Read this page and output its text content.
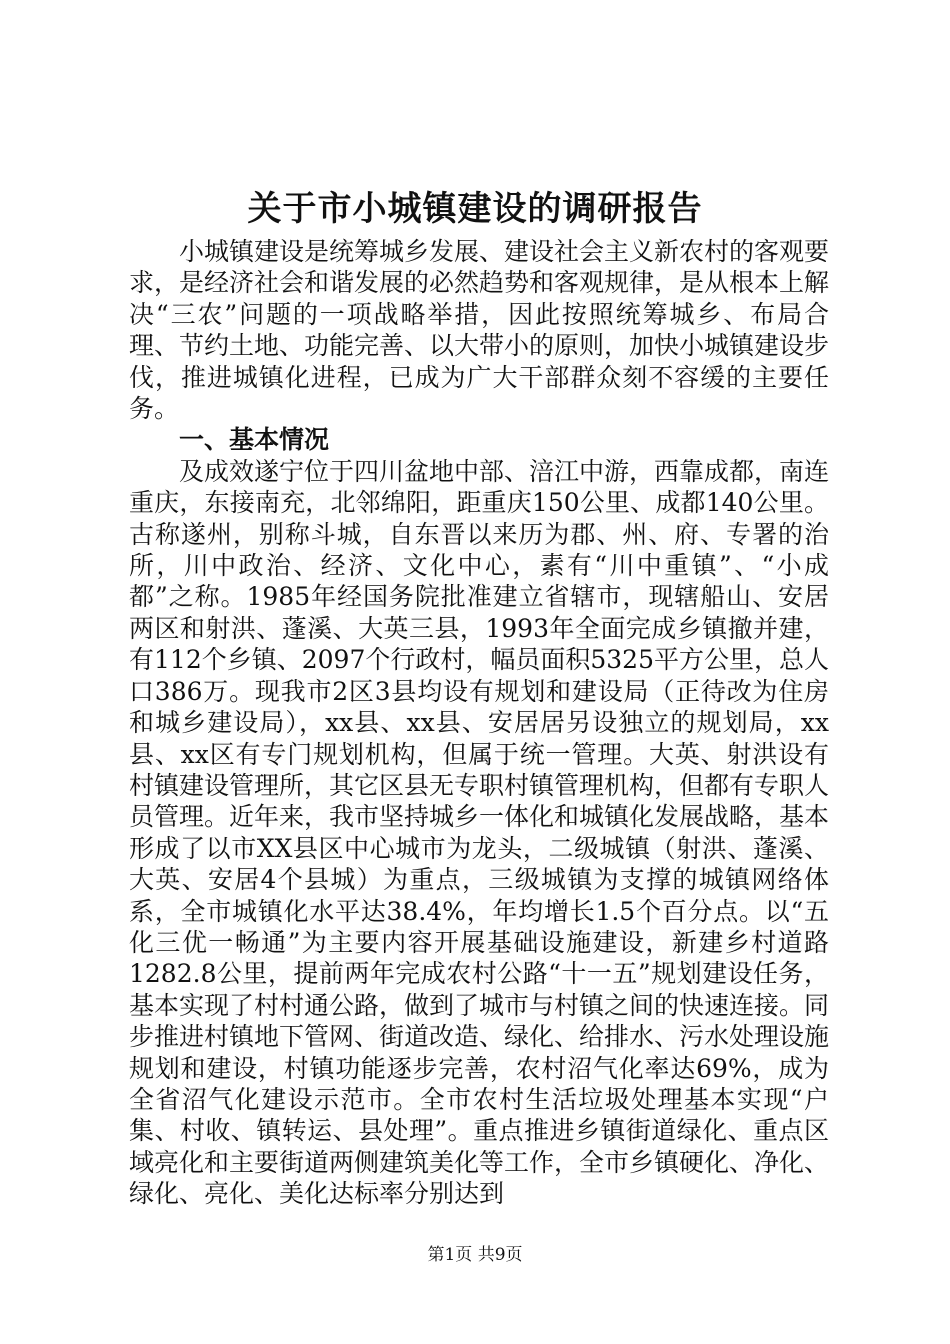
关于市小城镇建设的调研报告

小城镇建设是统筹城乡发展、建设社会主义新农村的客观要求，是经济社会和谐发展的必然趋势和客观规律，是从根本上解决“三农”问题的一项战略举措，因此按照统筹城乡、布局合理、节约土地、功能完善、以大带小的原则，加快小城镇建设步伐，推进城镇化进程，已成为广大干部群众刻不容缓的主要任务。

一、基本情况

及成效遂宁位于四川盆地中部、涪江中游，西靠成都，南连重庆，东接南充，北邻绵阳，距重庆150公里、成都140公里。古称遂州，别称斗城，自东晋以来历为郡、州、府、专署的治所，川中政治、经济、文化中心，素有“川中重镇”、“小成都”之称。1985年经国务院批准建立省辖市，现辖船山、安居两区和射洪、蓬溪、大英三县，1993年全面完成乡镇撤并建，有112个乡镇、2097个行政村，幅员面积5325平方公里，总人口386万。现我市2区3县均设有规划和建设局（正待改为住房和城乡建设局），xx县、xx县、安居居另设独立的规划局，xx县、xx区有专门规划机构，但属于统一管理。大英、射洪设有村镇建设管理所，其它区县无专职村镇管理机构，但都有专职人员管理。近年来，我市坚持城乡一体化和城镇化发展战略，基本形成了以市XX县区中心城市为龙头，二级城镇（射洪、蓬溪、大英、安居4个县城）为重点，三级城镇为支撑的城镇网络体系，全市城镇化水平达38.4%，年均增长1.5个百分点。以“五化三优一畅通”为主要内容开展基础设施建设，新建乡村道路1282.8公里，提前两年完成农村公路“十一五”规划建设任务，基本实现了村村通公路，做到了城市与村镇之间的快速连接。同步推进村镇地下管网、街道改造、绿化、给排水、污水处理设施规划和建设，村镇功能逐步完善，农村沼气化率达69%，成为全省沼气化建设示范市。全市农村生活垃圾处理基本实现“户集、村收、镇转运、县处理”。重点推进乡镇街道绿化、重点区域亮化和主要街道两侧建筑美化等工作，全市乡镇硬化、净化、绿化、亮化、美化达标率分别达到

第1页 共9页
